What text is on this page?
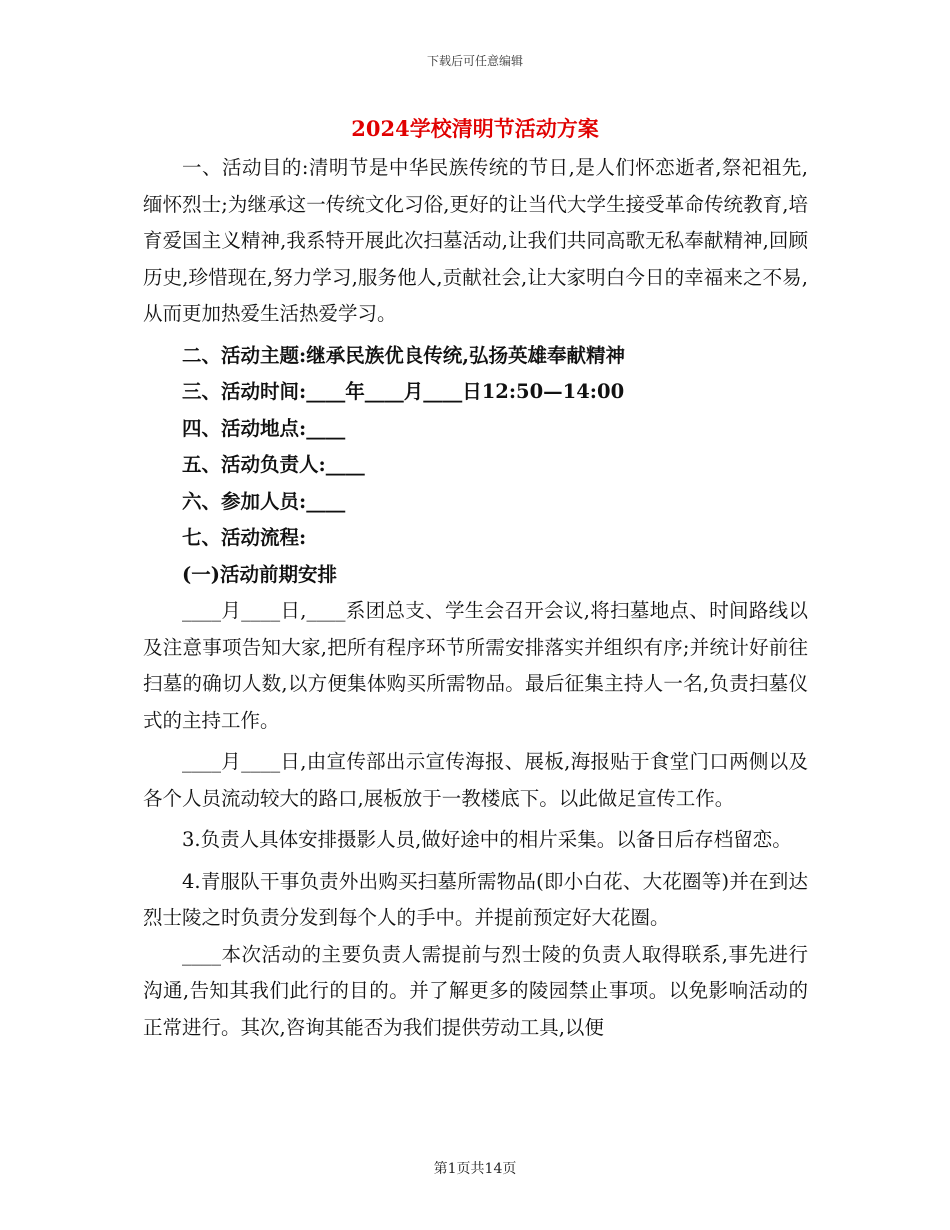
下载后可任意编辑
2024学校清明节活动方案

一、活动目的:清明节是中华民族传统的节日,是人们怀恋逝者,祭祀祖先,缅怀烈士;为继承这一传统文化习俗,更好的让当代大学生接受革命传统教育,培育爱国主义精神,我系特开展此次扫墓活动,让我们共同高歌无私奉献精神,回顾历史,珍惜现在,努力学习,服务他人,贡献社会,让大家明白今日的幸福来之不易,从而更加热爱生活热爱学习。

二、活动主题:继承民族优良传统,弘扬英雄奉献精神

三、活动时间:____年____月____日12:50—14:00

四、活动地点:____

五、活动负责人:____

六、参加人员:____

七、活动流程:

(一)活动前期安排

____月____日,____系团总支、学生会召开会议,将扫墓地点、时间路线以及注意事项告知大家,把所有程序环节所需安排落实并组织有序;并统计好前往扫墓的确切人数,以方便集体购买所需物品。最后征集主持人一名,负责扫墓仪式的主持工作。

____月____日,由宣传部出示宣传海报、展板,海报贴于食堂门口两侧以及各个人员流动较大的路口,展板放于一教楼底下。以此做足宣传工作。

3.负责人具体安排摄影人员,做好途中的相片采集。以备日后存档留恋。

4.青服队干事负责外出购买扫墓所需物品(即小白花、大花圈等)并在到达烈士陵之时负责分发到每个人的手中。并提前预定好大花圈。

____本次活动的主要负责人需提前与烈士陵的负责人取得联系,事先进行沟通,告知其我们此行的目的。并了解更多的陵园禁止事项。以免影响活动的正常进行。其次,咨询其能否为我们提供劳动工具,以便

第1页共14页
